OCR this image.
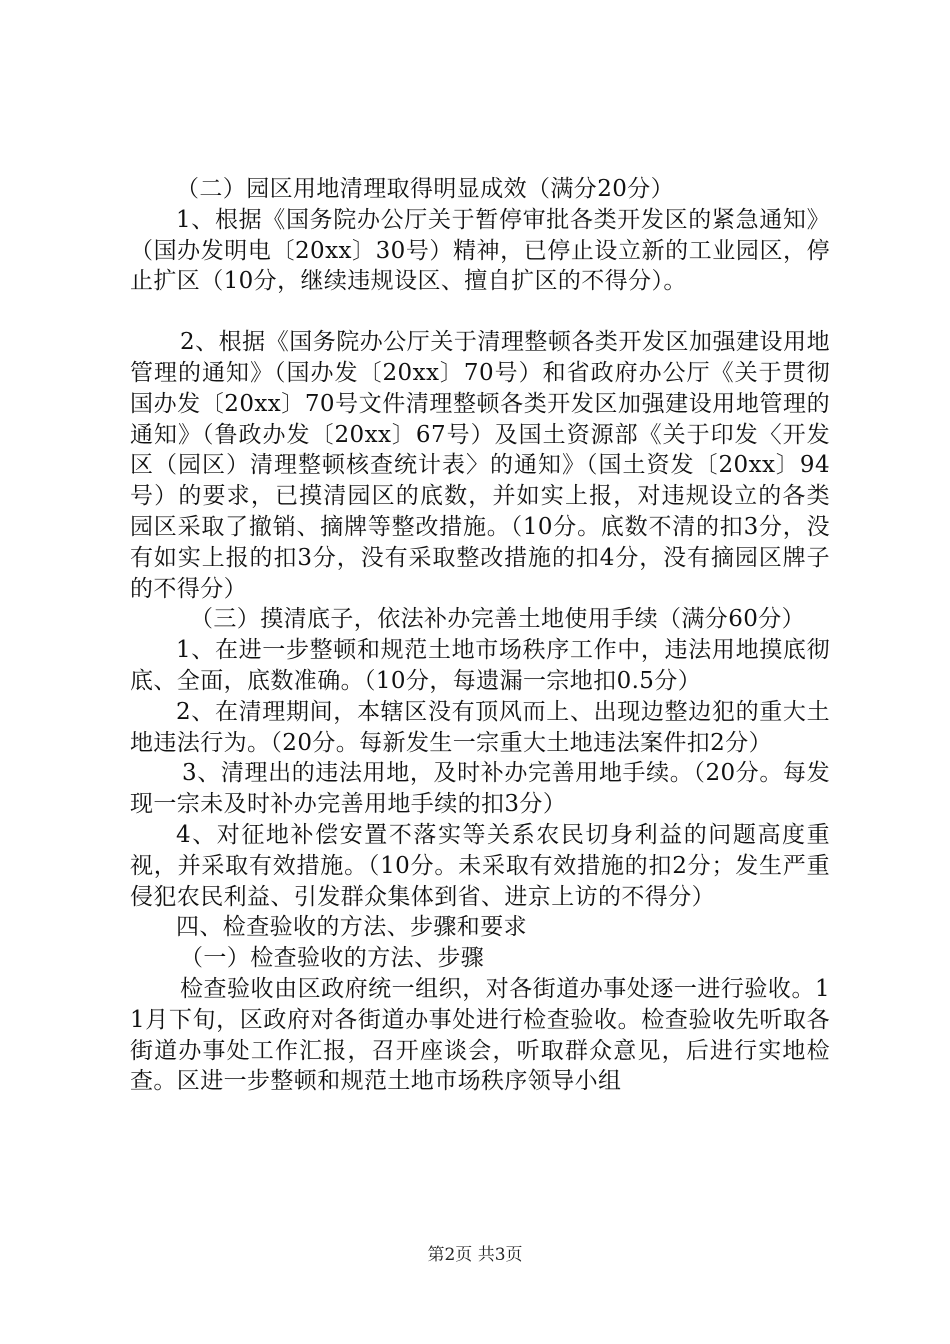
（二）园区用地清理取得明显成效（满分20分）

1、根据《国务院办公厅关于暂停审批各类开发区的紧急通知》（国办发明电〔20xx〕30号）精神，已停止设立新的工业园区，停止扩区（10分，继续违规设区、擅自扩区的不得分）。

2、根据《国务院办公厅关于清理整顿各类开发区加强建设用地管理的通知》（国办发〔20xx〕70号）和省政府办公厅《关于贯彻国办发〔20xx〕70号文件清理整顿各类开发区加强建设用地管理的通知》（鲁政办发〔20xx〕67号）及国土资源部《关于印发〈开发区（园区）清理整顿核查统计表〉的通知》（国土资发〔20xx〕94号）的要求，已摸清园区的底数，并如实上报，对违规设立的各类园区采取了撤销、摘牌等整改措施。（10分。底数不清的扣3分，没有如实上报的扣3分，没有采取整改措施的扣4分，没有摘园区牌子的不得分）

（三）摸清底子，依法补办完善土地使用手续（满分60分）

1、在进一步整顿和规范土地市场秩序工作中，违法用地摸底彻底、全面，底数准确。（10分，每遗漏一宗地扣0.5分）

2、在清理期间，本辖区没有顶风而上、出现边整边犯的重大土地违法行为。（20分。每新发生一宗重大土地违法案件扣2分）

3、清理出的违法用地，及时补办完善用地手续。（20分。每发现一宗未及时补办完善用地手续的扣3分）

4、对征地补偿安置不落实等关系农民切身利益的问题高度重视，并采取有效措施。（10分。未采取有效措施的扣2分；发生严重侵犯农民利益、引发群众集体到省、进京上访的不得分）

四、检查验收的方法、步骤和要求

（一）检查验收的方法、步骤

检查验收由区政府统一组织，对各街道办事处逐一进行验收。11月下旬，区政府对各街道办事处进行检查验收。检查验收先听取各街道办事处工作汇报，召开座谈会，听取群众意见，后进行实地检查。区进一步整顿和规范土地市场秩序领导小组

第2页 共3页
